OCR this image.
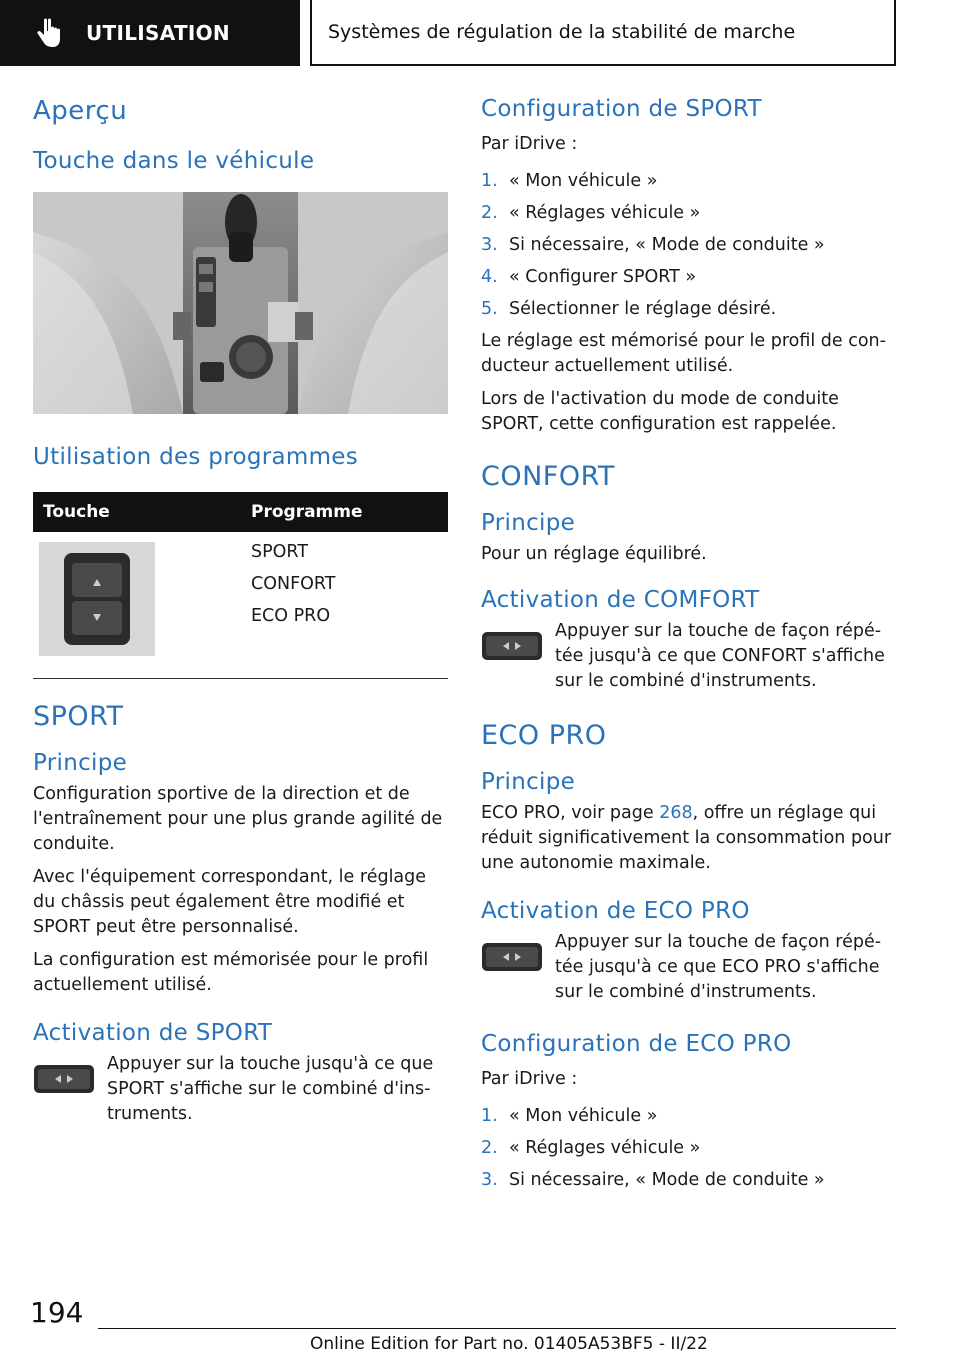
UTILISATION	Systèmes de régulation de la stabilité de marche
Aperçu
Touche dans le véhicule
Utilisation des programmes
Touche	Programme

SPORT
CONFORT
ECO PRO
SPORT
Principe

Configuration sportive de la direction et de l'entraînement pour une plus grande agilité de conduite.

Avec l'équipement correspondant, le réglage du châssis peut également être modifié et SPORT peut être personnalisé.

La configuration est mémorisée pour le profil actuellement utilisé.

Activation de SPORT

Appuyer sur la touche jusqu'à ce que SPORT s'affiche sur le combiné d'ins-truments.

Configuration de SPORT

Par iDrive :

1. « Mon véhicule »
2. « Réglages véhicule »
3. Si nécessaire, « Mode de conduite »
4. « Configurer SPORT »
5. Sélectionner le réglage désiré.

Le réglage est mémorisé pour le profil de con-ducteur actuellement utilisé.

Lors de l'activation du mode de conduite SPORT, cette configuration est rappelée.

CONFORT
Principe

Pour un réglage équilibré.

Activation de COMFORT

Appuyer sur la touche de façon répé-tée jusqu'à ce que CONFORT s'affiche sur le combiné d'instruments.

ECO PRO
Principe

ECO PRO, voir page 268, offre un réglage qui réduit significativement la consommation pour une autonomie maximale.

Activation de ECO PRO

Appuyer sur la touche de façon répé-tée jusqu'à ce que ECO PRO s'affiche sur le combiné d'instruments.

Configuration de ECO PRO

Par iDrive :

1. « Mon véhicule »
2. « Réglages véhicule »
3. Si nécessaire, « Mode de conduite »
194
Online Edition for Part no. 01405A53BF5 - II/22
